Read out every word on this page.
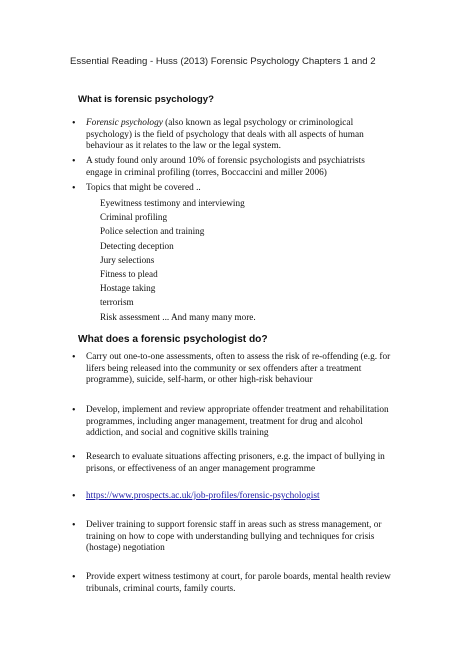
Essential Reading - Huss (2013) Forensic Psychology Chapters 1 and 2
What is forensic psychology?
• Forensic psychology (also known as legal psychology or criminological psychology) is the field of psychology that deals with all aspects of human behaviour as it relates to the law or the legal system.
• A study found only around 10% of forensic psychologists and psychiatrists engage in criminal profiling (torres, Boccaccini and miller 2006)
• Topics that might be covered ..
Eyewitness testimony and interviewing
Criminal profiling
Police selection and training
Detecting deception
Jury selections
Fitness to plead
Hostage taking
terrorism
Risk assessment ... And many many more.
What does a forensic psychologist do?
• Carry out one-to-one assessments, often to assess the risk of re-offending (e.g. for lifers being released into the community or sex offenders after a treatment programme), suicide, self-harm, or other high-risk behaviour
• Develop, implement and review appropriate offender treatment and rehabilitation programmes, including anger management, treatment for drug and alcohol addiction, and social and cognitive skills training
• Research to evaluate situations affecting prisoners, e.g. the impact of bullying in prisons, or effectiveness of an anger management programme
• https://www.prospects.ac.uk/job-profiles/forensic-psychologist
• Deliver training to support forensic staff in areas such as stress management, or training on how to cope with understanding bullying and techniques for crisis (hostage) negotiation
• Provide expert witness testimony at court, for parole boards, mental health review tribunals, criminal courts, family courts.
